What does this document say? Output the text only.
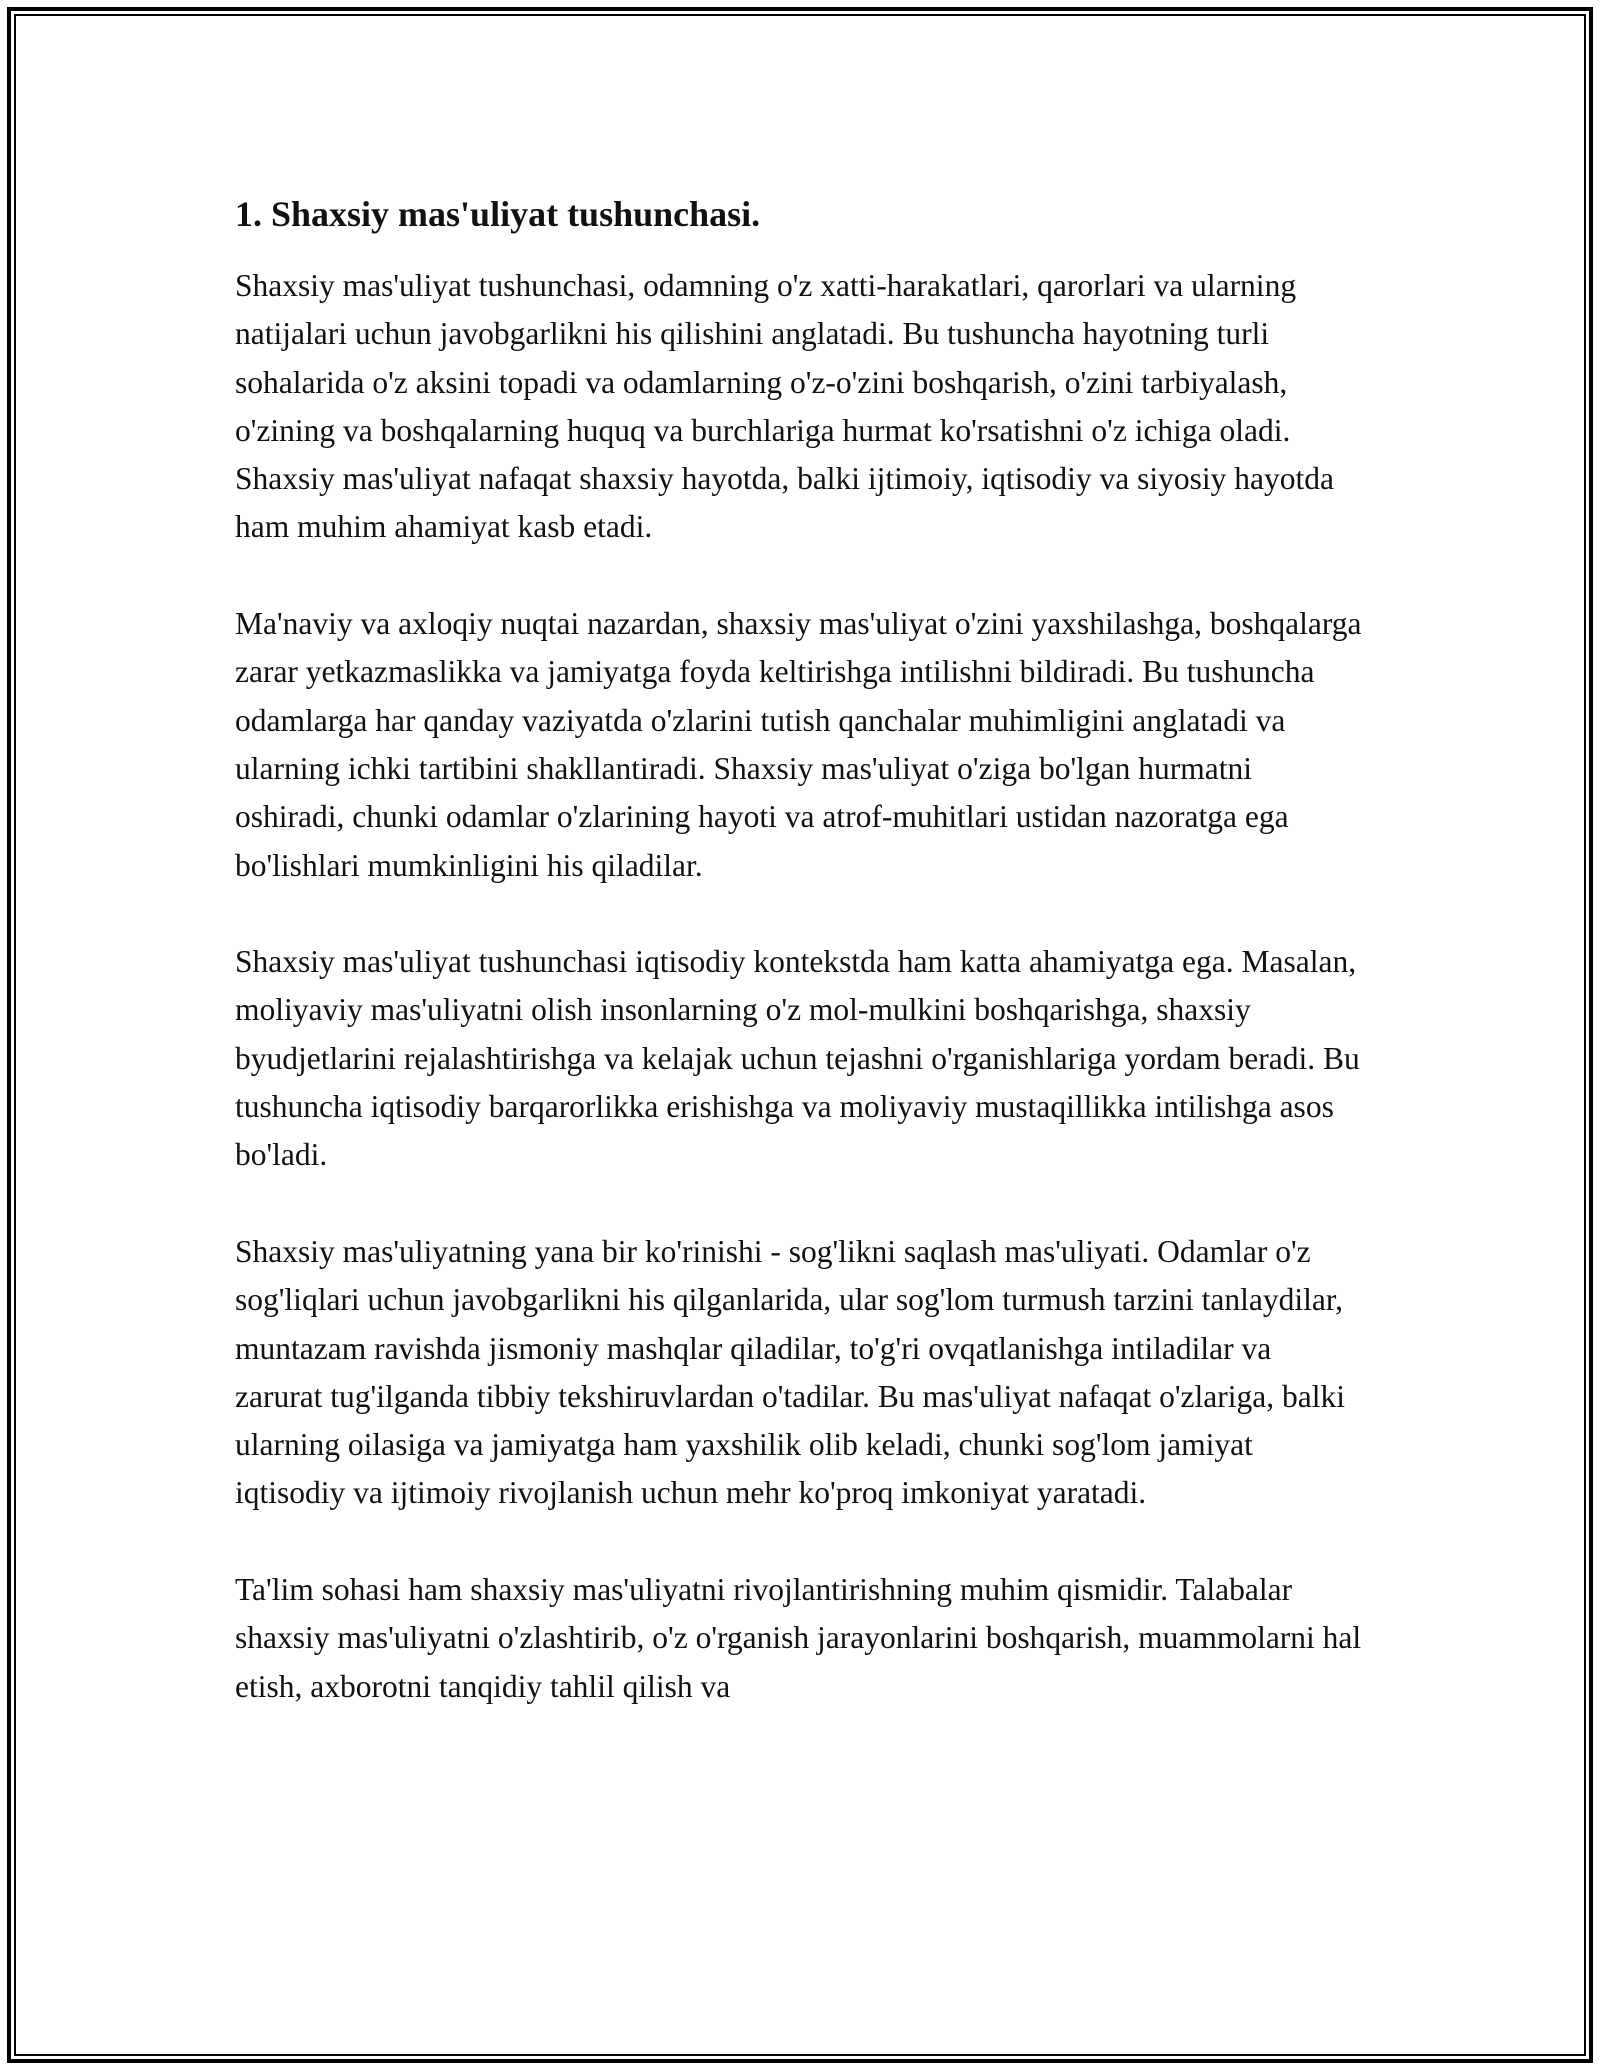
1. Shaxsiy mas'uliyat tushunchasi.

Shaxsiy mas'uliyat tushunchasi, odamning o'z xatti-harakatlari, qarorlari va ularning natijalari uchun javobgarlikni his qilishini anglatadi. Bu tushuncha hayotning turli sohalarida o'z aksini topadi va odamlarning o'z-o'zini boshqarish, o'zini tarbiyalash, o'zining va boshqalarning huquq va burchlariga hurmat ko'rsatishni o'z ichiga oladi. Shaxsiy mas'uliyat nafaqat shaxsiy hayotda, balki ijtimoiy, iqtisodiy va siyosiy hayotda ham muhim ahamiyat kasb etadi.

Ma'naviy va axloqiy nuqtai nazardan, shaxsiy mas'uliyat o'zini yaxshilashga, boshqalarga zarar yetkazmaslikka va jamiyatga foyda keltirishga intilishni bildiradi. Bu tushuncha odamlarga har qanday vaziyatda o'zlarini tutish qanchalar muhimligini anglatadi va ularning ichki tartibini shakllantiradi. Shaxsiy mas'uliyat o'ziga bo'lgan hurmatni oshiradi, chunki odamlar o'zlarining hayoti va atrof-muhitlari ustidan nazoratga ega bo'lishlari mumkinligini his qiladilar.

Shaxsiy mas'uliyat tushunchasi iqtisodiy kontekstda ham katta ahamiyatga ega. Masalan, moliyaviy mas'uliyatni olish insonlarning o'z mol-mulkini boshqarishga, shaxsiy byudjetlarini rejalashtirishga va kelajak uchun tejashni o'rganishlariga yordam beradi. Bu tushuncha iqtisodiy barqarorlikka erishishga va moliyaviy mustaqillikka intilishga asos bo'ladi.

Shaxsiy mas'uliyatning yana bir ko'rinishi - sog'likni saqlash mas'uliyati. Odamlar o'z sog'liqlari uchun javobgarlikni his qilganlarida, ular sog'lom turmush tarzini tanlaydilar, muntazam ravishda jismoniy mashqlar qiladilar, to'g'ri ovqatlanishga intiladilar va zarurat tug'ilganda tibbiy tekshiruvlardan o'tadilar. Bu mas'uliyat nafaqat o'zlariga, balki ularning oilasiga va jamiyatga ham yaxshilik olib keladi, chunki sog'lom jamiyat iqtisodiy va ijtimoiy rivojlanish uchun mehr ko'proq imkoniyat yaratadi.

Ta'lim sohasi ham shaxsiy mas'uliyatni rivojlantirishning muhim qismidir. Talabalar shaxsiy mas'uliyatni o'zlashtirib, o'z o'rganish jarayonlarini boshqarish, muammolarni hal etish, axborotni tanqidiy tahlil qilish va
